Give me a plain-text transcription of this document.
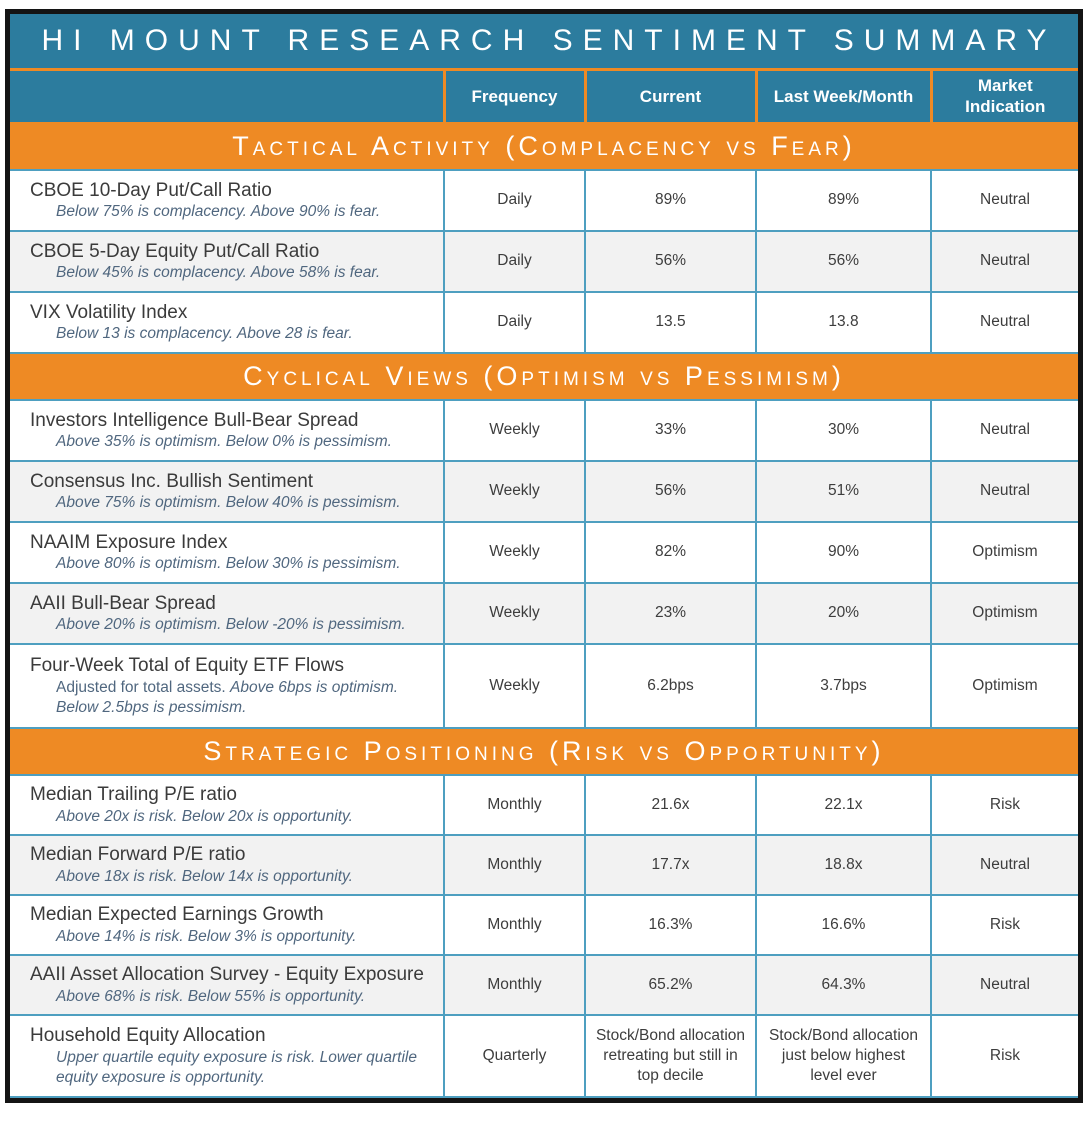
HI MOUNT RESEARCH SENTIMENT SUMMARY
	Frequency	Current	Last Week/Month	Market Indication
Tactical Activity (Complacency vs Fear)				

CBOE 10-Day Put/Call Ratio
Below 75% is complacency. Above 90% is fear.	Daily	89%	89%	Neutral

CBOE 5-Day Equity Put/Call Ratio
Below 45% is complacency. Above 58% is fear.	Daily	56%	56%	Neutral

VIX Volatility Index
Below 13 is complacency. Above 28 is fear.	Daily	13.5	13.8	Neutral
Cyclical Views (Optimism vs Pessimism)				

Investors Intelligence Bull-Bear Spread
Above 35% is optimism. Below 0% is pessimism.	Weekly	33%	30%	Neutral

Consensus Inc. Bullish Sentiment
Above 75% is optimism. Below 40% is pessimism.	Weekly	56%	51%	Neutral

NAAIM Exposure Index
Above 80% is optimism. Below 30% is pessimism.	Weekly	82%	90%	Optimism

AAII Bull-Bear Spread
Above 20% is optimism. Below -20% is pessimism.	Weekly	23%	20%	Optimism

Four-Week Total of Equity ETF Flows
Adjusted for total assets. Above 6bps is optimism. Below 2.5bps is pessimism.	Weekly	6.2bps	3.7bps	Optimism
Strategic Positioning (Risk vs Opportunity)				

Median Trailing P/E ratio
Above 20x is risk. Below 20x is opportunity.	Monthly	21.6x	22.1x	Risk

Median Forward P/E ratio
Above 18x is risk. Below 14x is opportunity.	Monthly	17.7x	18.8x	Neutral

Median Expected Earnings Growth
Above 14% is risk. Below 3% is opportunity.	Monthly	16.3%	16.6%	Risk

AAII Asset Allocation Survey - Equity Exposure
Above 68% is risk. Below 55% is opportunity.	Monthly	65.2%	64.3%	Neutral

Household Equity Allocation
Upper quartile equity exposure is risk. Lower quartile equity exposure is opportunity.	Quarterly	Stock/Bond allocation retreating but still in top decile	Stock/Bond allocation just below highest level ever	Risk
